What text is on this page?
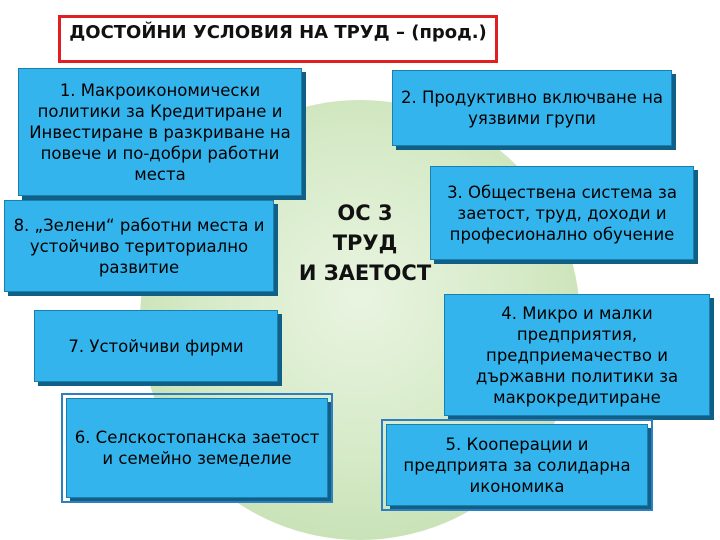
ДОСТОЙНИ УСЛОВИЯ НА ТРУД – (прод.)
ОС 3
ТРУД
И ЗАЕТОСТ
1. Макроикономически политики за Кредитиране и Инвестиране в разкриване на повече и по-добри работни места
2. Продуктивно включване на уязвими групи
3. Обществена система за заетост, труд, доходи и професионално обучение
4. Микро и малки предприятия, предприемачество и държавни политики за макрокредитиране
5. Кооперации и предприята за солидарна икономика
6. Селскостопанска заетост и семейно земеделие
7. Устойчиви фирми
8. „Зелени“ работни места и устойчиво териториално развитие
